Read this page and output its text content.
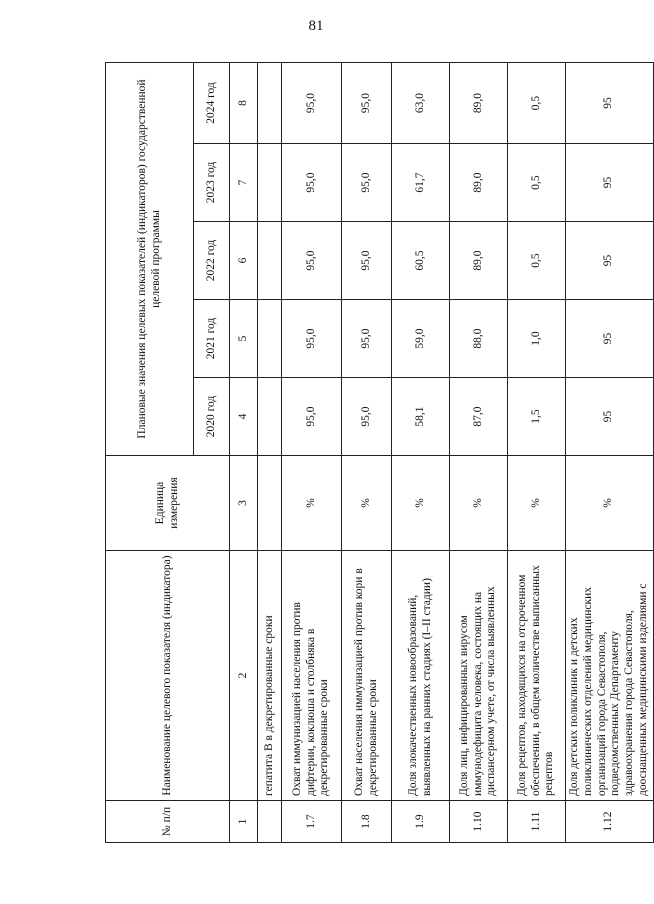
81
№ п/п	Наименование целевого показателя (индикатора)	Единица измерения	Плановые значения целевых показателей (индикаторов) государственной целевой программы				
			2020 год	2021 год	2022 год	2023 год	2024 год
1	2	3	4	5	6	7	8
	гепатита В в декретированные сроки						
1.7	Охват иммунизацией населения против дифтерии, коклюша и столбняка в декретированные сроки	%	95,0	95,0	95,0	95,0	95,0
1.8	Охват населения иммунизацией против кори в декретированные сроки	%	95,0	95,0	95,0	95,0	95,0
1.9	Доля злокачественных новообразований, выявленных на ранних стадиях (I–II стадии)	%	58,1	59,0	60,5	61,7	63,0
1.10	Доля лиц, инфицированных вирусом иммунодефицита человека, состоящих на диспансерном учете, от числа выявленных	%	87,0	88,0	89,0	89,0	89,0
1.11	Доля рецептов, находящихся на отсроченном обеспечении, в общем количестве выписанных рецептов	%	1,5	1,0	0,5	0,5	0,5
1.12	Доля детских поликлиник и детских поликлинических отделений медицинских организаций города Севастополя, подведомственных Департаменту здравоохранения города Севастополя, дооснащенных медицинскими изделиями с	%	95	95	95	95	95
